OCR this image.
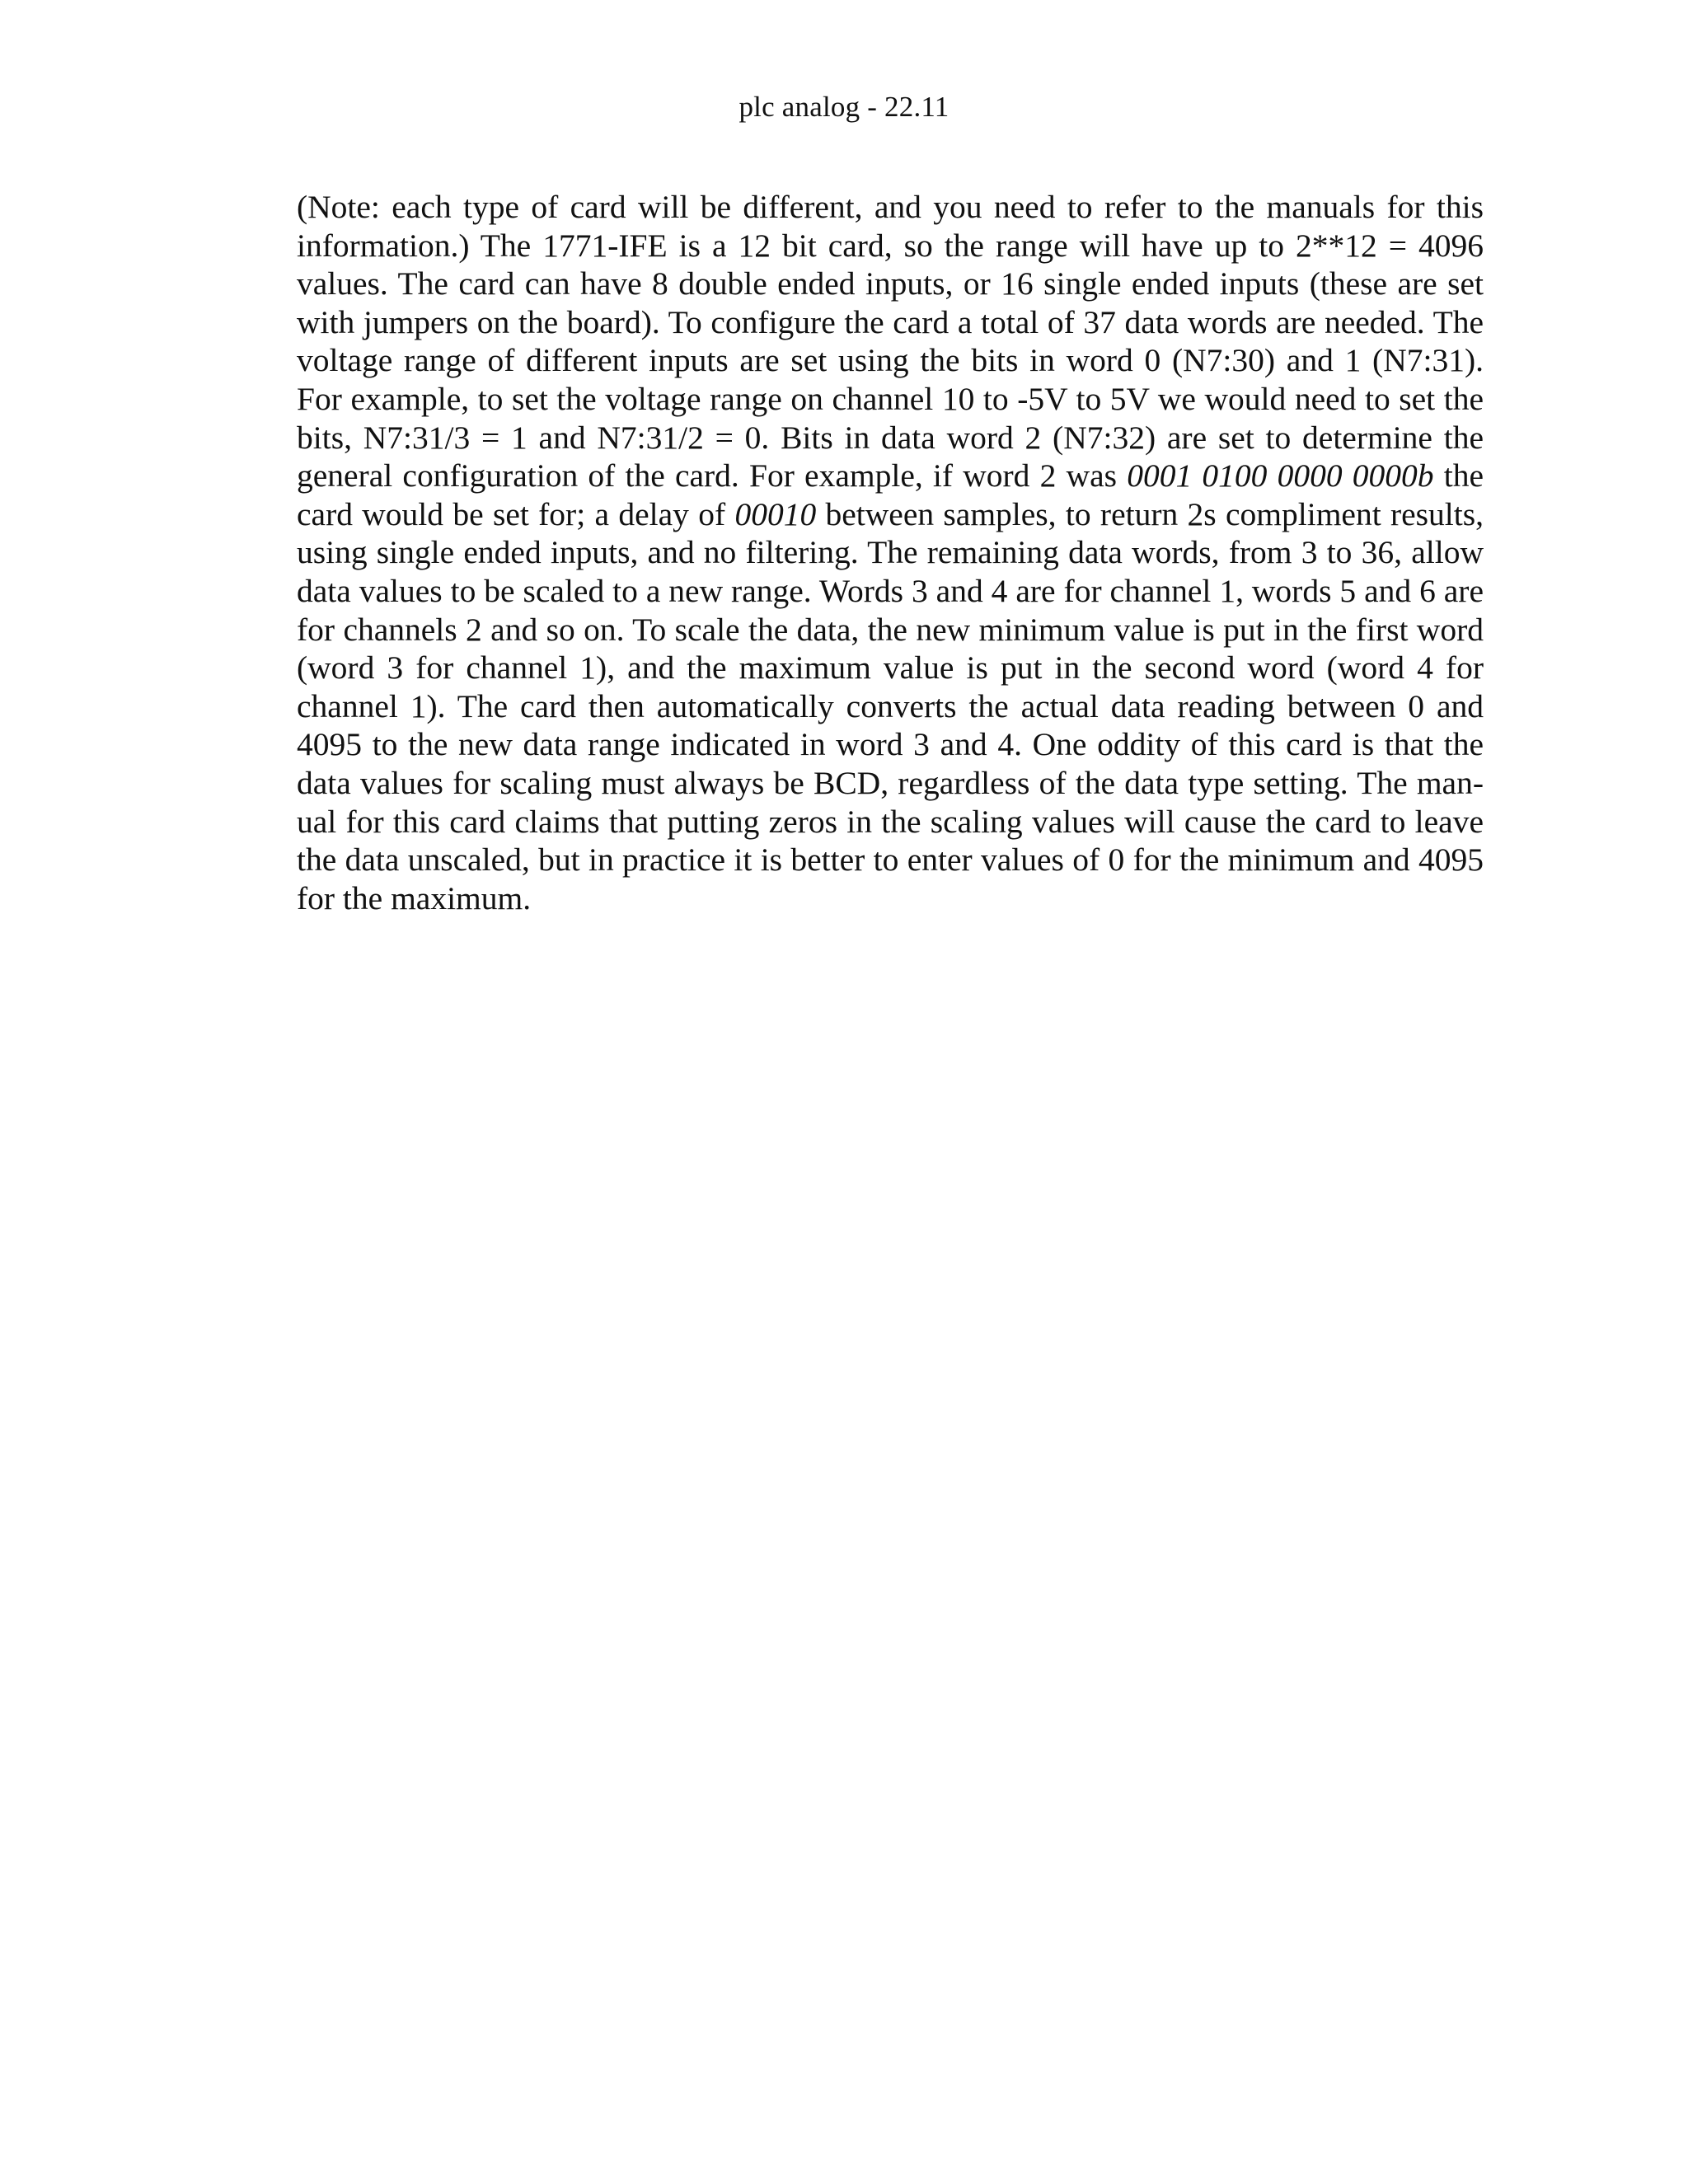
plc analog - 22.11
(Note: each type of card will be different, and you need to refer to the manuals for this
information.) The 1771-IFE is a 12 bit card, so the range will have up to 2**12 = 4096
values. The card can have 8 double ended inputs, or 16 single ended inputs (these are set
with jumpers on the board). To configure the card a total of 37 data words are needed. The
voltage range of different inputs are set using the bits in word 0 (N7:30) and 1 (N7:31).
For example, to set the voltage range on channel 10 to -5V to 5V we would need to set the
bits, N7:31/3 = 1 and N7:31/2 = 0. Bits in data word 2 (N7:32) are set to determine the
general configuration of the card. For example, if word 2 was 0001 0100 0000 0000b the
card would be set for; a delay of 00010 between samples, to return 2s compliment results,
using single ended inputs, and no filtering. The remaining data words, from 3 to 36, allow
data values to be scaled to a new range. Words 3 and 4 are for channel 1, words 5 and 6 are
for channels 2 and so on. To scale the data, the new minimum value is put in the first word
(word 3 for channel 1), and the maximum value is put in the second word (word 4 for
channel 1). The card then automatically converts the actual data reading between 0 and
4095 to the new data range indicated in word 3 and 4. One oddity of this card is that the
data values for scaling must always be BCD, regardless of the data type setting. The man-
ual for this card claims that putting zeros in the scaling values will cause the card to leave
the data unscaled, but in practice it is better to enter values of 0 for the minimum and 4095
for the maximum.
